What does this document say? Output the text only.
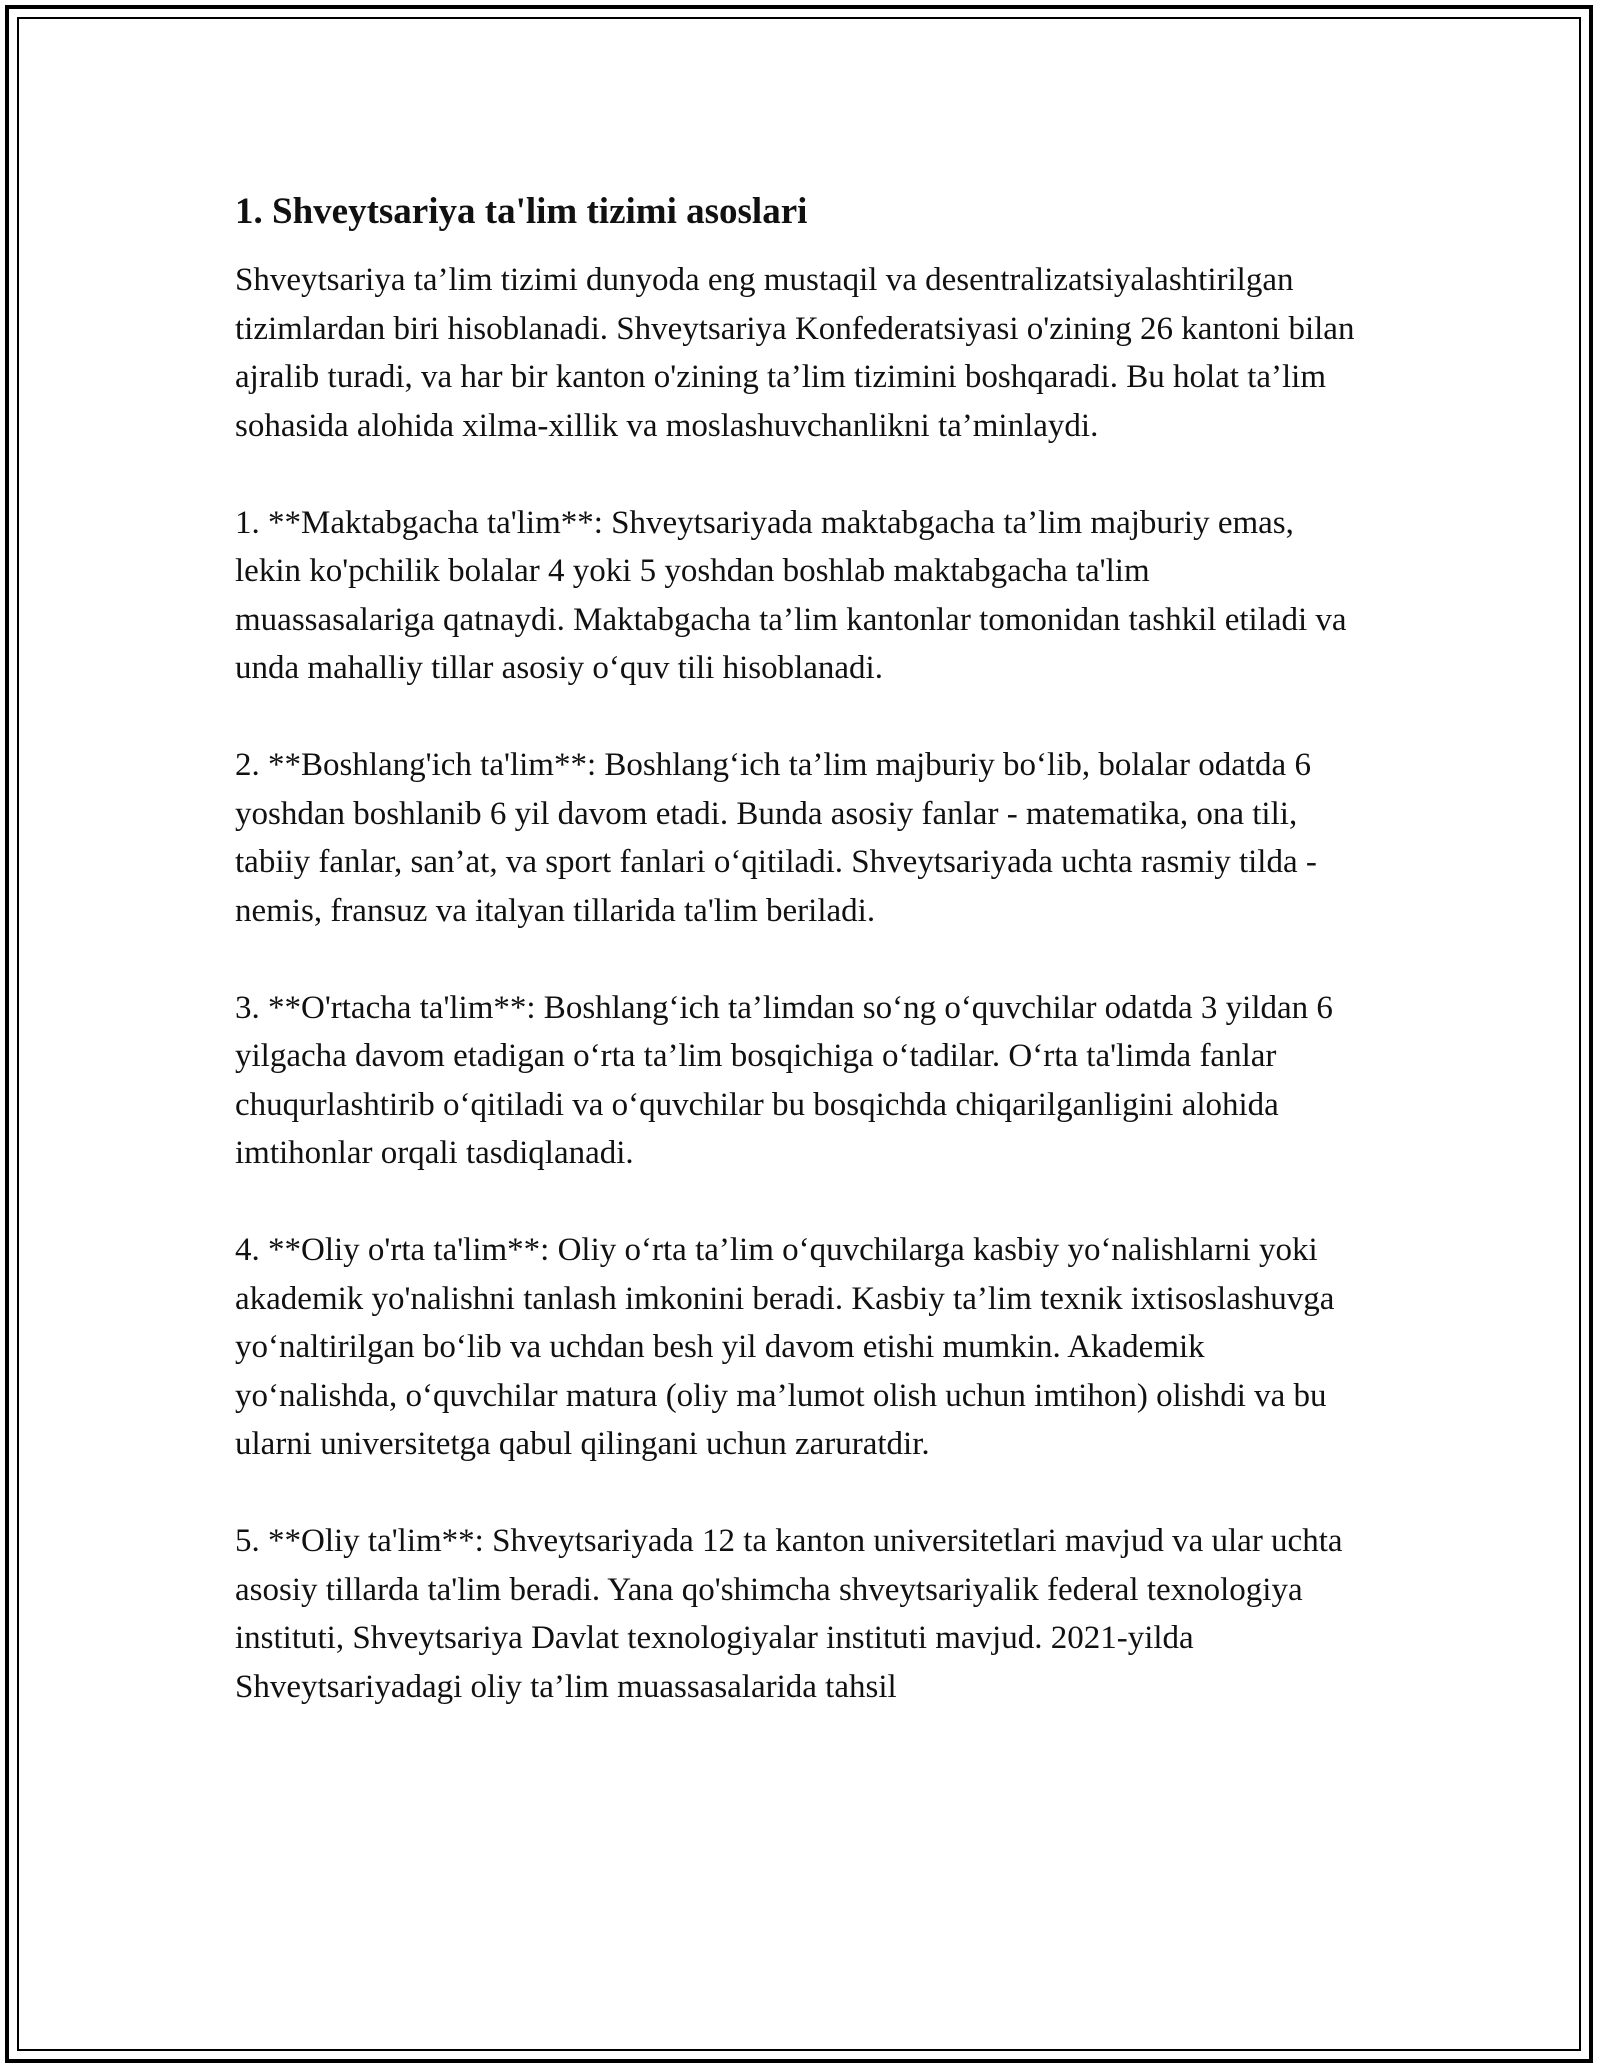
1. Shveytsariya ta'lim tizimi asoslari

Shveytsariya ta’lim tizimi dunyoda eng mustaqil va desentralizatsiyalashtirilgan tizimlardan biri hisoblanadi. Shveytsariya Konfederatsiyasi o'zining 26 kantoni bilan ajralib turadi, va har bir kanton o'zining ta’lim tizimini boshqaradi. Bu holat ta’lim sohasida alohida xilma-xillik va moslashuvchanlikni ta’minlaydi.

1. **Maktabgacha ta'lim**: Shveytsariyada maktabgacha ta’lim majburiy emas, lekin ko'pchilik bolalar 4 yoki 5 yoshdan boshlab maktabgacha ta'lim muassasalariga qatnaydi. Maktabgacha ta’lim kantonlar tomonidan tashkil etiladi va unda mahalliy tillar asosiy o‘quv tili hisoblanadi.

2. **Boshlang'ich ta'lim**: Boshlang‘ich ta’lim majburiy bo‘lib, bolalar odatda 6 yoshdan boshlanib 6 yil davom etadi. Bunda asosiy fanlar - matematika, ona tili, tabiiy fanlar, san’at, va sport fanlari o‘qitiladi. Shveytsariyada uchta rasmiy tilda - nemis, fransuz va italyan tillarida ta'lim beriladi.

3. **O'rtacha ta'lim**: Boshlang‘ich ta’limdan so‘ng o‘quvchilar odatda 3 yildan 6 yilgacha davom etadigan o‘rta ta’lim bosqichiga o‘tadilar. O‘rta ta'limda fanlar chuqurlashtirib o‘qitiladi va o‘quvchilar bu bosqichda chiqarilganligini alohida imtihonlar orqali tasdiqlanadi.

4. **Oliy o'rta ta'lim**: Oliy o‘rta ta’lim o‘quvchilarga kasbiy yo‘nalishlarni yoki akademik yo'nalishni tanlash imkonini beradi. Kasbiy ta’lim texnik ixtisoslashuvga yo‘naltirilgan bo‘lib va uchdan besh yil davom etishi mumkin. Akademik yo‘nalishda, o‘quvchilar matura (oliy ma’lumot olish uchun imtihon) olishdi va bu ularni universitetga qabul qilingani uchun zaruratdir.

5. **Oliy ta'lim**: Shveytsariyada 12 ta kanton universitetlari mavjud va ular uchta asosiy tillarda ta'lim beradi. Yana qo'shimcha shveytsariyalik federal texnologiya instituti, Shveytsariya Davlat texnologiyalar instituti mavjud. 2021-yilda Shveytsariyadagi oliy ta’lim muassasalarida tahsil
